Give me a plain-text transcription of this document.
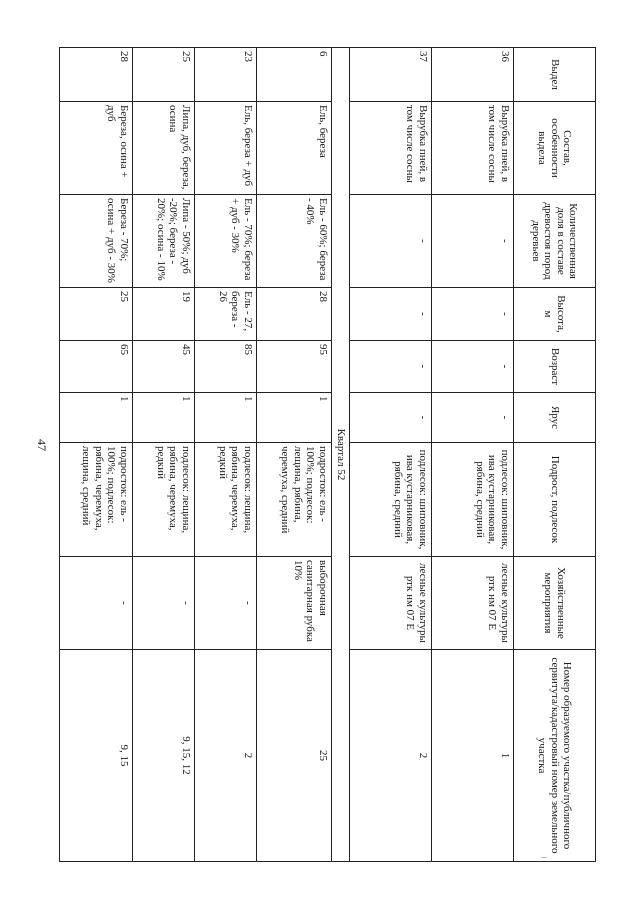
47
Выдел	Состав, особенности выдела	Количественная доля в составе древостоя пород деревьев	Высота, м	Возраст	Ярус	Подрост, подлесок	Хозяйственные мероприятия	Номер образуемого участка/публичного сервитута/кадастровый номер земельного участка
36	Вырубка пней, в том числе сосны	-	-	-	-	подлесок: шиповник, ива кустарниковая, рябина, средний	лесные культуры ртк нм 07 Е	1
37	Вырубка пней, в том числе сосны	-	-	-	-	подлесок: шиповник, ива кустарниковая, рябина, средний	лесные культуры ртк нм 07 Е	2
Квартал 52								
6	Ель, береза	Ель - 60%; береза - 40%	28	95	1	подросток: ель - 100%; подлесок: лещина, рябина, черемуха, средний	выборочная санитарная рубка 10%	25
23	Ель, береза + дуб	Ель - 70%; береза + дуб - 30%	Ель - 27, береза - 26	85	1	подлесок: лещина, рябина, черемуха, редкий	-	2
25	Липа, дуб, береза, осина	Липа - 50%; дуб -20%; береза - 20%; осина - 10%	19	45	1	подлесок: лещина, рябина, черемуха, редкий	-	9, 15, 12
28	Береза, осина + дуб	Береза - 70%; осина + дуб - 30%	25	65	1	подросток: ель - 100%; подлесок: рябина, черемуха, лещина, средний	-	9, 15
